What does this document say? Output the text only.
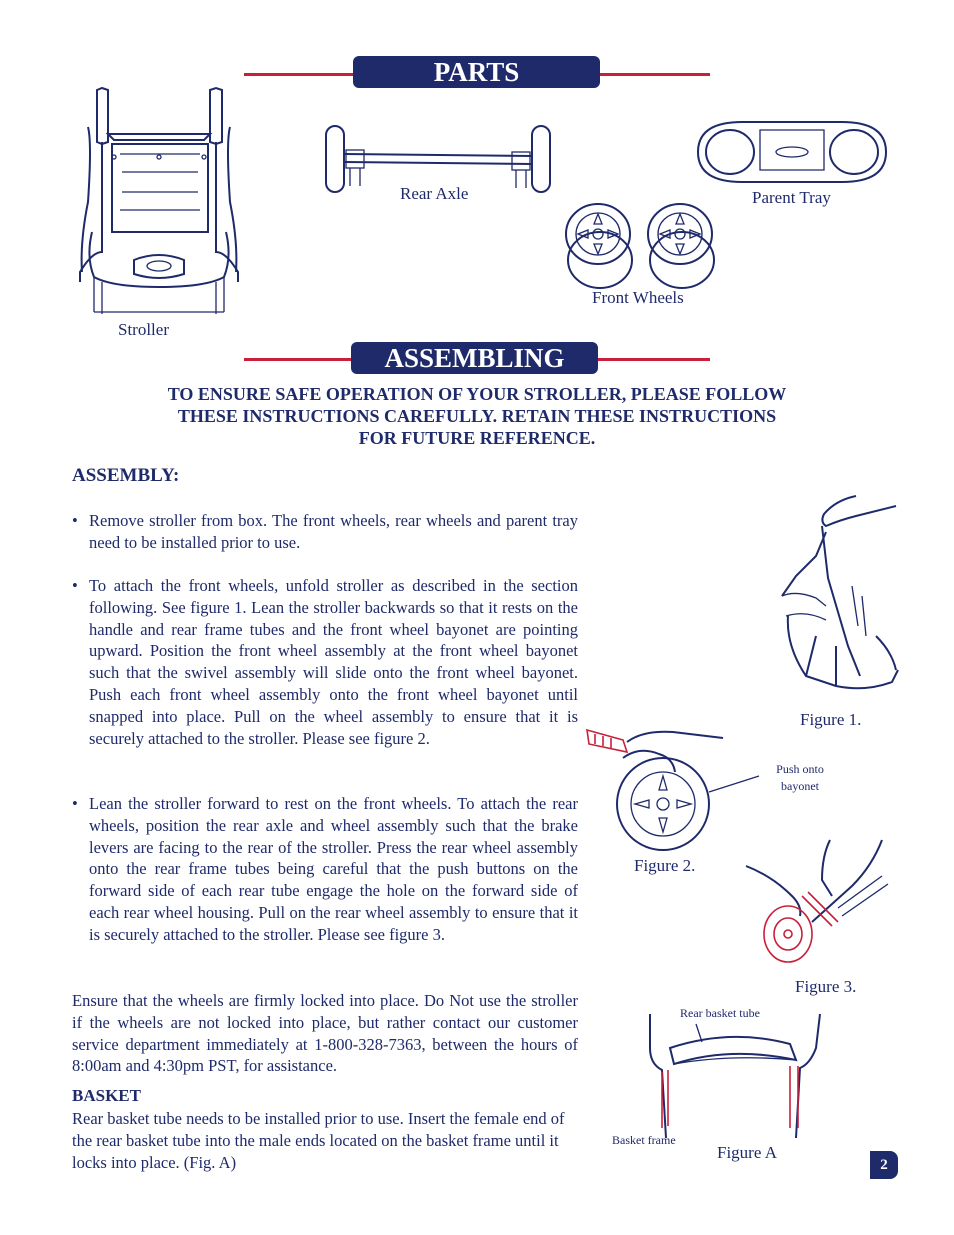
PARTS
Stroller
Rear Axle	Parent Tray
Front Wheels
ASSEMBLING
TO ENSURE SAFE OPERATION OF YOUR STROLLER, PLEASE FOLLOW
THESE INSTRUCTIONS CAREFULLY. RETAIN THESE INSTRUCTIONS
FOR FUTURE REFERENCE.
ASSEMBLY:
• Remove stroller from box. The front wheels, rear wheels and parent tray need to be installed prior to use.
• To attach the front wheels, unfold stroller as described in the section following. See figure 1. Lean the stroller backwards so that it rests on the handle and rear frame tubes and the front wheel bayonet are pointing upward. Position the front wheel assembly at the front wheel bayonet such that the swivel assembly will slide onto the front wheel bayonet. Push each front wheel assembly onto the front wheel bayonet until snapped into place. Pull on the wheel assembly to ensure that it is securely attached to the stroller. Please see figure 2.
• Lean the stroller forward to rest on the front wheels. To attach the rear wheels, position the rear axle and wheel assembly such that the brake levers are facing to the rear of the stroller. Press the rear wheel assembly onto the rear frame tubes being careful that the push buttons on the forward side of each rear tube engage the hole on the forward side of each rear wheel housing. Pull on the rear wheel assembly to ensure that it is securely attached to the stroller. Please see figure 3.
Ensure that the wheels are firmly locked into place. Do Not use the stroller if the wheels are not locked into place, but rather contact our customer service department immediately at 1-800-328-7363, between the hours of 8:00am and 4:30pm PST, for assistance.
BASKET
Rear basket tube needs to be installed prior to use. Insert the female end of the rear basket tube into the male ends located on the basket frame until it locks into place. (Fig. A)
Figure 1.
Push onto
bayonet
Figure 2.
Figure 3.
Rear basket tube
Basket frame
Figure A
2
